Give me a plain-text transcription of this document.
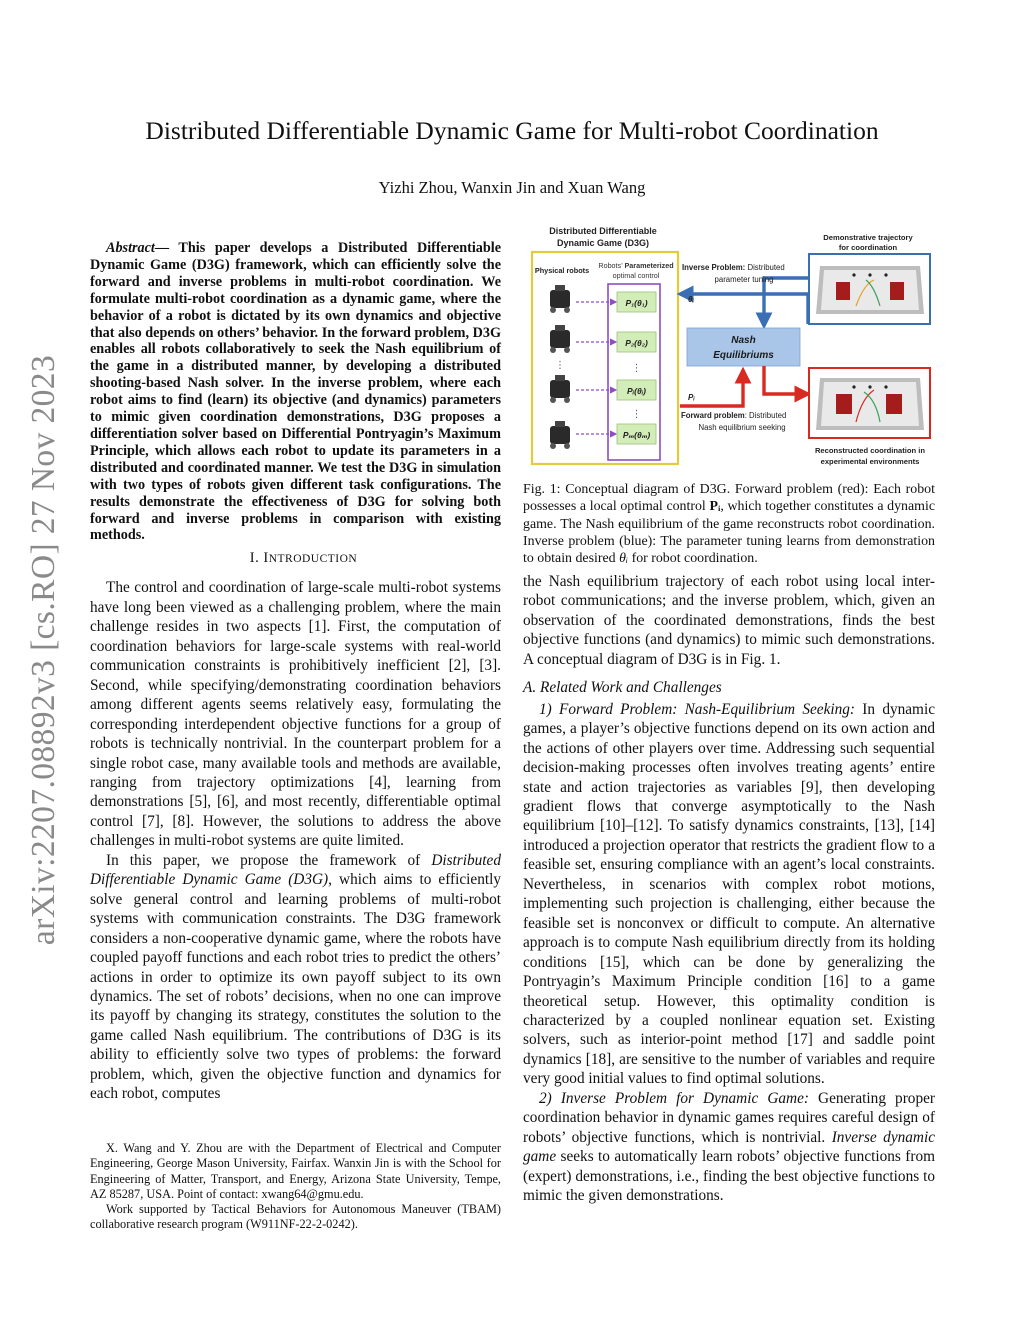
arXiv:2207.08892v3 [cs.RO] 27 Nov 2023
Distributed Differentiable Dynamic Game for Multi-robot Coordination
Yizhi Zhou, Wanxin Jin and Xuan Wang

Abstract— This paper develops a Distributed Differentiable Dynamic Game (D3G) framework, which can efficiently solve the forward and inverse problems in multi-robot coordination. We formulate multi-robot coordination as a dynamic game, where the behavior of a robot is dictated by its own dynamics and objective that also depends on others’ behavior. In the forward problem, D3G enables all robots collaboratively to seek the Nash equilibrium of the game in a distributed manner, by developing a distributed shooting-based Nash solver. In the inverse problem, where each robot aims to find (learn) its objective (and dynamics) parameters to mimic given coordination demonstrations, D3G proposes a differentiation solver based on Differential Pontryagin’s Maximum Principle, which allows each robot to update its parameters in a distributed and coordinated manner. We test the D3G in simulation with two types of robots given different task configurations. The results demonstrate the effectiveness of D3G for solving both forward and inverse problems in comparison with existing methods.

I. INTRODUCTION

The control and coordination of large-scale multi-robot systems have long been viewed as a challenging problem, where the main challenge resides in two aspects [1]. First, the computation of coordination behaviors for large-scale systems with real-world communication constraints is prohibitively inefficient [2], [3]. Second, while specifying/demonstrating coordination behaviors among different agents seems relatively easy, formulating the corresponding interdependent objective functions for a group of robots is technically nontrivial. In the counterpart problem for a single robot case, many available tools and methods are available, ranging from trajectory optimizations [4], learning from demonstrations [5], [6], and most recently, differentiable optimal control [7], [8]. However, the solutions to address the above challenges in multi-robot systems are quite limited.

In this paper, we propose the framework of Distributed Differentiable Dynamic Game (D3G), which aims to efficiently solve general control and learning problems of multi-robot systems with communication constraints. The D3G framework considers a non-cooperative dynamic game, where the robots have coupled payoff functions and each robot tries to predict the others’ actions in order to optimize its own payoff subject to its own dynamics. The set of robots’ decisions, when no one can improve its payoff by changing its strategy, constitutes the solution to the game called Nash equilibrium. The contributions of D3G is its ability to efficiently solve two types of problems: the forward problem, which, given the objective function and dynamics for each robot, computes

X. Wang and Y. Zhou are with the Department of Electrical and Computer Engineering, George Mason University, Fairfax. Wanxin Jin is with the School for Engineering of Matter, Transport, and Energy, Arizona State University, Tempe, AZ 85287, USA. Point of contact: xwang64@gmu.edu.

Work supported by Tactical Behaviors for Autonomous Maneuver (TBAM) collaborative research program (W911NF-22-2-0242).

Distributed Differentiable
Dynamic Game (D3G)
Physical robots
Robots’ Parameterized
optimal control
⋮
P₁(θ₁)
P₂(θ₂)
⋮
Pᵢ(θᵢ)
⋮
Pₘ(θₘ)
θᵢ
Inverse Problem: Distributed
parameter tuning
Nash
Equilibriums
Pᵢ
Forward problem: Distributed
Nash equilibrium seeking
Demonstrative trajectory
for coordination
Reconstructed coordination in
experimental environments
Fig. 1: Conceptual diagram of D3G. Forward problem (red): Each robot possesses a local optimal control Pᵢ, which together constitutes a dynamic game. The Nash equilibrium of the game reconstructs robot coordination. Inverse problem (blue): The parameter tuning learns from demonstration to obtain desired θᵢ for robot coordination.

the Nash equilibrium trajectory of each robot using local inter-robot communications; and the inverse problem, which, given an observation of the coordinated demonstrations, finds the best objective functions (and dynamics) to mimic such demonstrations. A conceptual diagram of D3G is in Fig. 1.

A. Related Work and Challenges

1) Forward Problem: Nash-Equilibrium Seeking: In dynamic games, a player’s objective functions depend on its own action and the actions of other players over time. Addressing such sequential decision-making processes often involves treating agents’ entire state and action trajectories as variables [9], then developing gradient flows that converge asymptotically to the Nash equilibrium [10]–[12]. To satisfy dynamics constraints, [13], [14] introduced a projection operator that restricts the gradient flow to a feasible set, ensuring compliance with an agent’s local constraints. Nevertheless, in scenarios with complex robot motions, implementing such projection is challenging, either because the feasible set is nonconvex or difficult to compute. An alternative approach is to compute Nash equilibrium directly from its holding conditions [15], which can be done by generalizing the Pontryagin’s Maximum Principle condition [16] to a game theoretical setup. However, this optimality condition is characterized by a coupled nonlinear equation set. Existing solvers, such as interior-point method [17] and saddle point dynamics [18], are sensitive to the number of variables and require very good initial values to find optimal solutions.

2) Inverse Problem for Dynamic Game: Generating proper coordination behavior in dynamic games requires careful design of robots’ objective functions, which is nontrivial. Inverse dynamic game seeks to automatically learn robots’ objective functions from (expert) demonstrations, i.e., finding the best objective functions to mimic the given demonstrations.
